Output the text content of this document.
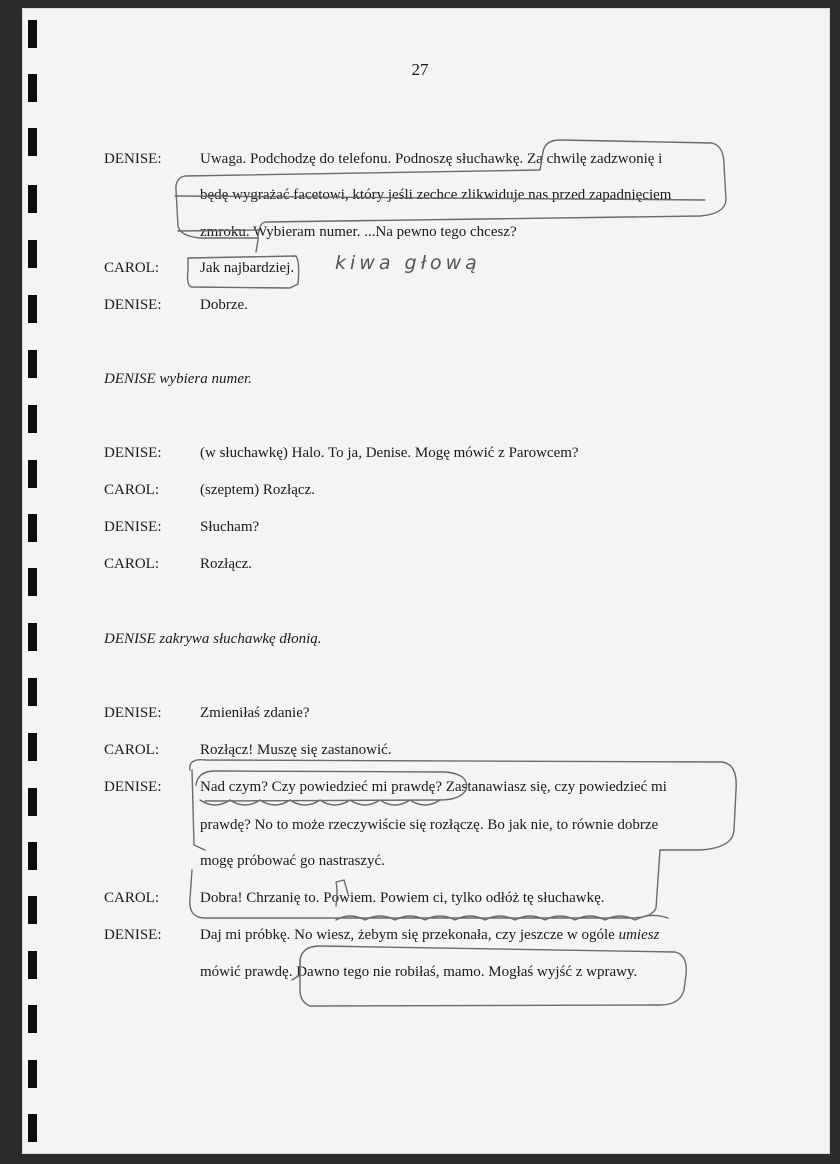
27
DENISE:
CAROL:
DENISE:
DENISE:
CAROL:
DENISE:
CAROL:
DENISE:
CAROL:
DENISE:
CAROL:
DENISE:
Uwaga. Podchodzę do telefonu. Podnoszę słuchawkę. Za chwilę zadzwonię i
będę wygrażać facetowi, który jeśli zechce zlikwiduje nas przed zapadnięciem
zmroku. Wybieram numer. ...Na pewno tego chcesz?
Jak najbardziej.
Dobrze.
DENISE wybiera numer.
(w słuchawkę) Halo. To ja, Denise. Mogę mówić z Parowcem?
(szeptem) Rozłącz.
Słucham?
Rozłącz.
DENISE zakrywa słuchawkę dłonią.
Zmieniłaś zdanie?
Rozłącz! Muszę się zastanowić.
Nad czym? Czy powiedzieć mi prawdę? Zastanawiasz się, czy powiedzieć mi
prawdę? No to może rzeczywiście się rozłączę. Bo jak nie, to równie dobrze
mogę próbować go nastraszyć.
Dobra! Chrzanię to. Powiem. Powiem ci, tylko odłóż tę słuchawkę.
Daj mi próbkę. No wiesz, żebym się przekonała, czy jeszcze w ogóle umiesz
mówić prawdę. Dawno tego nie robiłaś, mamo. Mogłaś wyjść z wprawy.
kiwa głową
